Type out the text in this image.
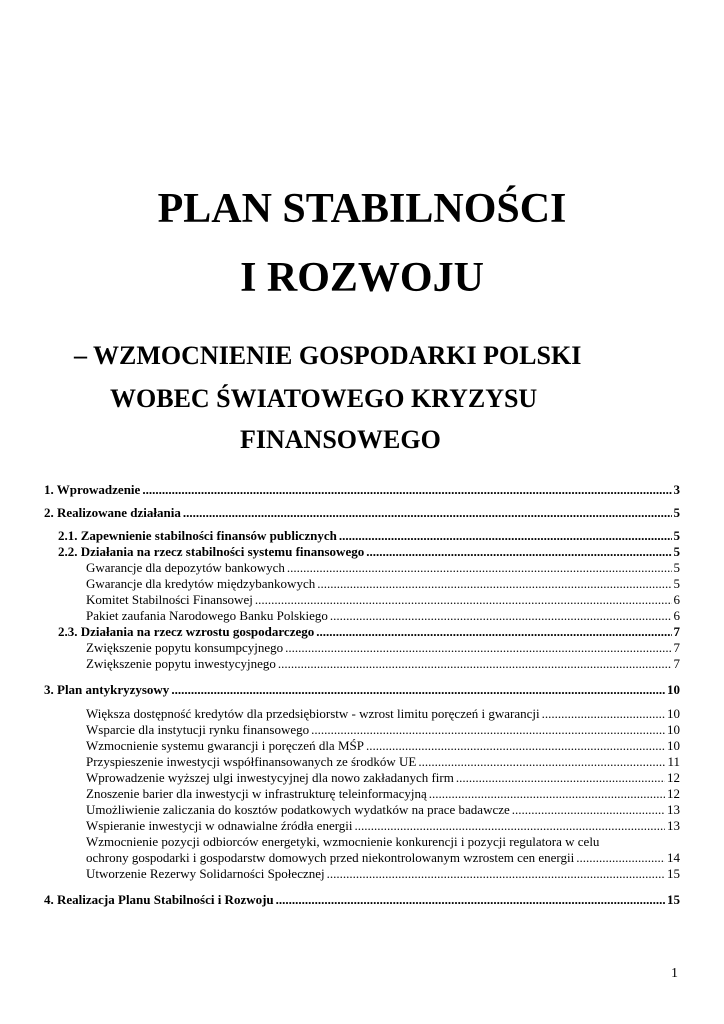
PLAN STABILNOŚCI
I ROZWOJU
– WZMOCNIENIE GOSPODARKI POLSKI
WOBEC ŚWIATOWEGO KRYZYSU
FINANSOWEGO
1. Wprowadzenie .....	3
2. Realizowane działania .....	5
2.1. Zapewnienie stabilności finansów publicznych .....	5
2.2. Działania na rzecz stabilności systemu finansowego .....	5
Gwarancje dla depozytów bankowych .....	5
Gwarancje dla kredytów międzybankowych .....	5
Komitet Stabilności Finansowej .....	6
Pakiet zaufania Narodowego Banku Polskiego .....	6
2.3. Działania na rzecz wzrostu gospodarczego .....	7
Zwiększenie popytu konsumpcyjnego .....	7
Zwiększenie popytu inwestycyjnego .....	7
3. Plan antykryzysowy .....	10
Większa dostępność kredytów dla przedsiębiorstw - wzrost limitu poręczeń i gwarancji .....	10
Wsparcie dla instytucji rynku finansowego .....	10
Wzmocnienie systemu gwarancji i poręczeń dla MŚP .....	10
Przyspieszenie inwestycji współfinansowanych ze środków UE .....	11
Wprowadzenie wyższej ulgi inwestycyjnej dla nowo zakładanych firm .....	12
Znoszenie barier dla inwestycji w infrastrukturę teleinformacyjną .....	12
Umożliwienie zaliczania do kosztów podatkowych wydatków na prace badawcze .....	13
Wspieranie inwestycji w odnawialne źródła energii .....	13
Wzmocnienie pozycji odbiorców energetyki, wzmocnienie konkurencji i pozycji regulatora w celu
ochrony gospodarki i gospodarstw domowych przed niekontrolowanym wzrostem cen energii .....	14
Utworzenie Rezerwy Solidarności Społecznej .....	15
4. Realizacja Planu Stabilności i Rozwoju .....	15
1
